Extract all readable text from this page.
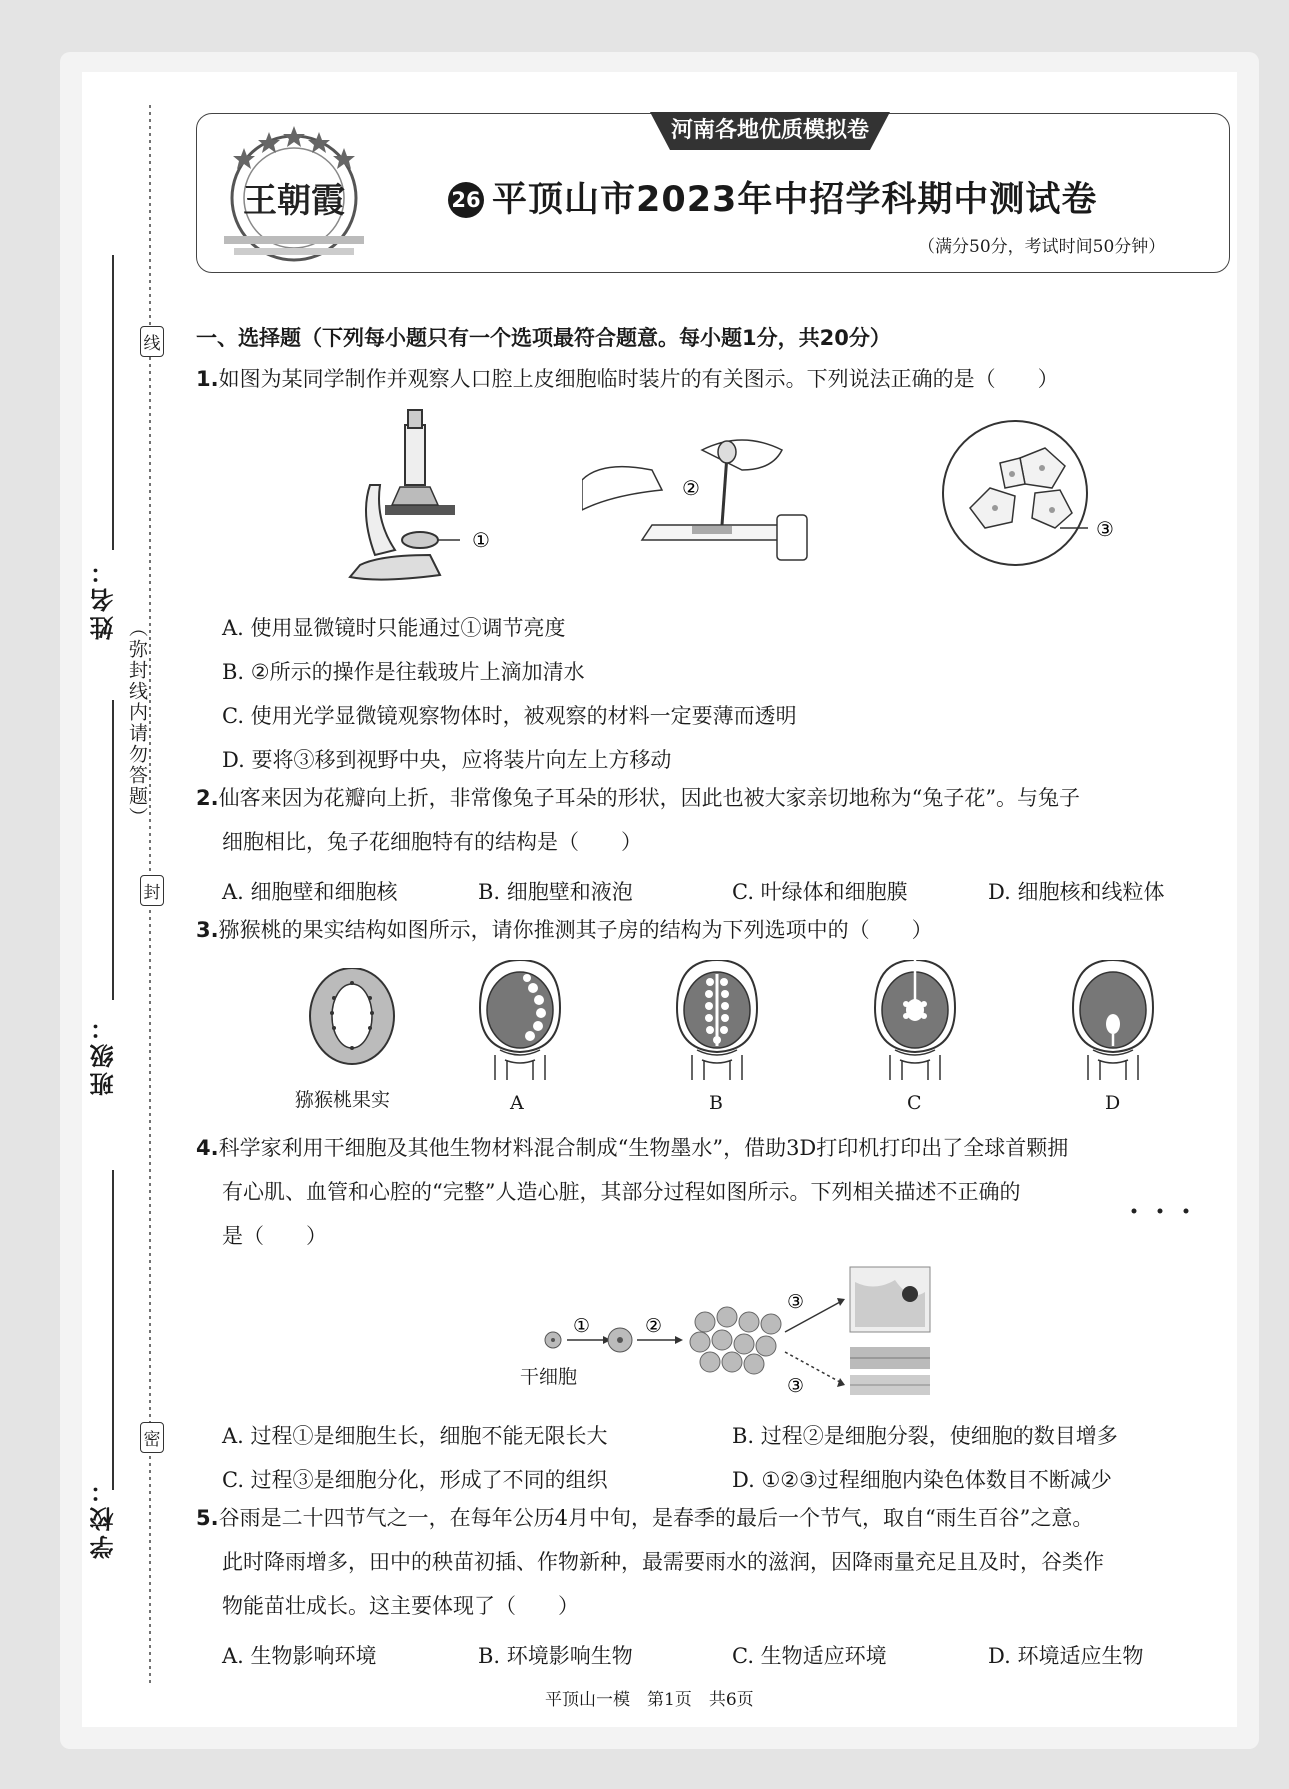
线
封
密
（弥封线内请勿答题）
姓名：
班级：
学校：
王朝霞
河南各地优质模拟卷
26 平顶山市2023年中招学科期中测试卷
（满分50分，考试时间50分钟）
一、选择题（下列每小题只有一个选项最符合题意。每小题1分，共20分）
1.如图为某同学制作并观察人口腔上皮细胞临时装片的有关图示。下列说法正确的是（　　）
①
②
③
A. 使用显微镜时只能通过①调节亮度
B. ②所示的操作是往载玻片上滴加清水
C. 使用光学显微镜观察物体时，被观察的材料一定要薄而透明
D. 要将③移到视野中央，应将装片向左上方移动
2.仙客来因为花瓣向上折，非常像兔子耳朵的形状，因此也被大家亲切地称为“兔子花”。与兔子
细胞相比，兔子花细胞特有的结构是（　　）
A. 细胞壁和细胞核	B. 细胞壁和液泡	C. 叶绿体和细胞膜	D. 细胞核和线粒体
3.猕猴桃的果实结构如图所示，请你推测其子房的结构为下列选项中的（　　）
猕猴桃果实	A	B	C	D
4.科学家利用干细胞及其他生物材料混合制成“生物墨水”，借助3D打印机打印出了全球首颗拥
有心肌、血管和心腔的“完整”人造心脏，其部分过程如图所示。下列相关描述不正确的
是（　　）
①	②
③
③
干细胞
A. 过程①是细胞生长，细胞不能无限长大	B. 过程②是细胞分裂，使细胞的数目增多
C. 过程③是细胞分化，形成了不同的组织	D. ①②③过程细胞内染色体数目不断减少
5.谷雨是二十四节气之一，在每年公历4月中旬，是春季的最后一个节气，取自“雨生百谷”之意。
此时降雨增多，田中的秧苗初插、作物新种，最需要雨水的滋润，因降雨量充足且及时，谷类作
物能苗壮成长。这主要体现了（　　）
A. 生物影响环境	B. 环境影响生物	C. 生物适应环境	D. 环境适应生物
平顶山一模　第1页　共6页
